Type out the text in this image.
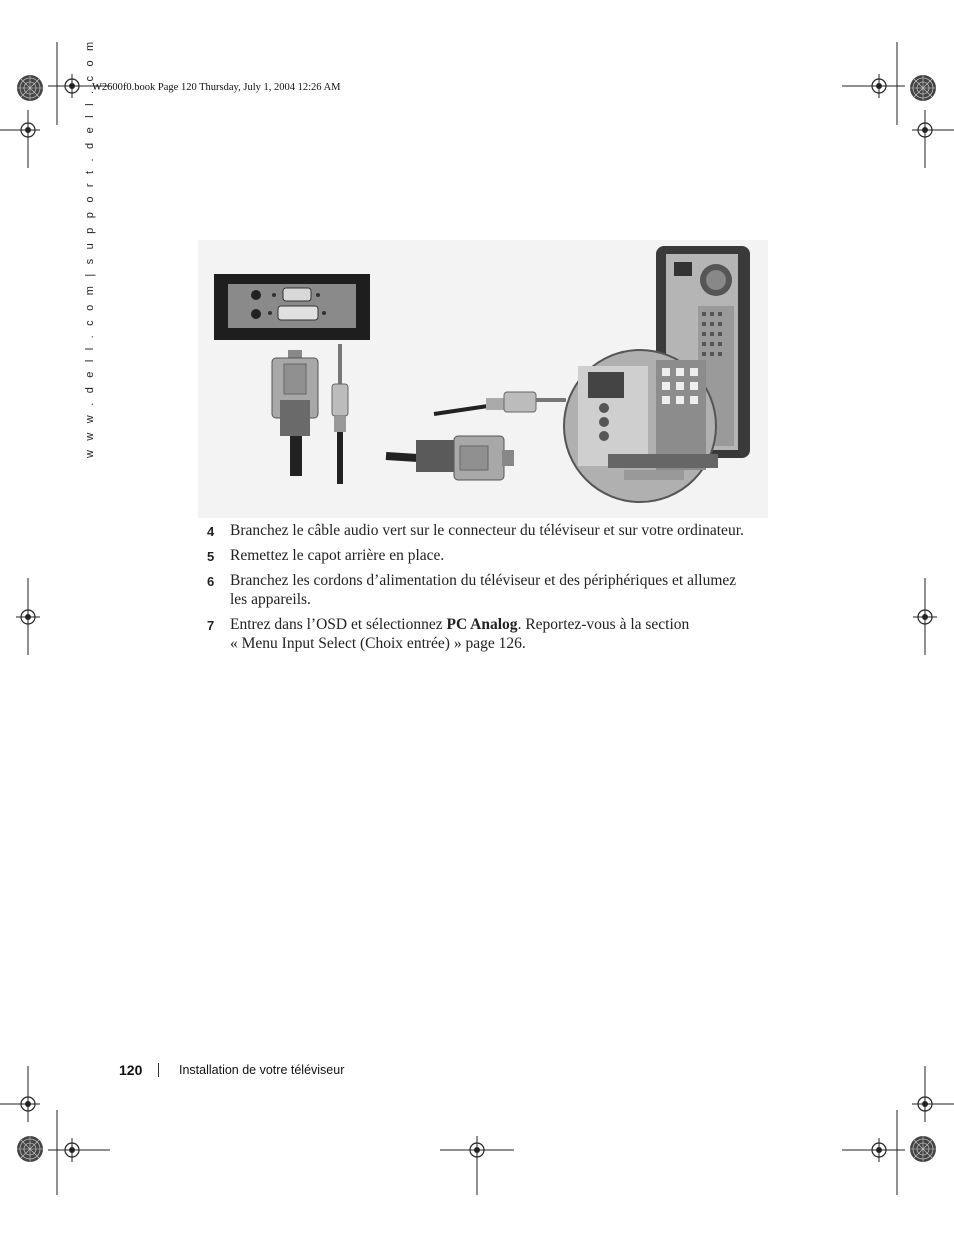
W2600f0.book Page 120 Thursday, July 1, 2004 12:26 AM
w w w . d e l l . c o m | s u p p o r t . d e l l . c o m
4	Branchez le câble audio vert sur le connecteur du téléviseur et sur votre ordinateur.
5	Remettez le capot arrière en place.
6	Branchez les cordons d’alimentation du téléviseur et des périphériques et allumez
les appareils.
7	Entrez dans l’OSD et sélectionnez PC Analog. Reportez-vous à la section
« Menu Input Select (Choix entrée) » page 126.
120	Installation de votre téléviseur
